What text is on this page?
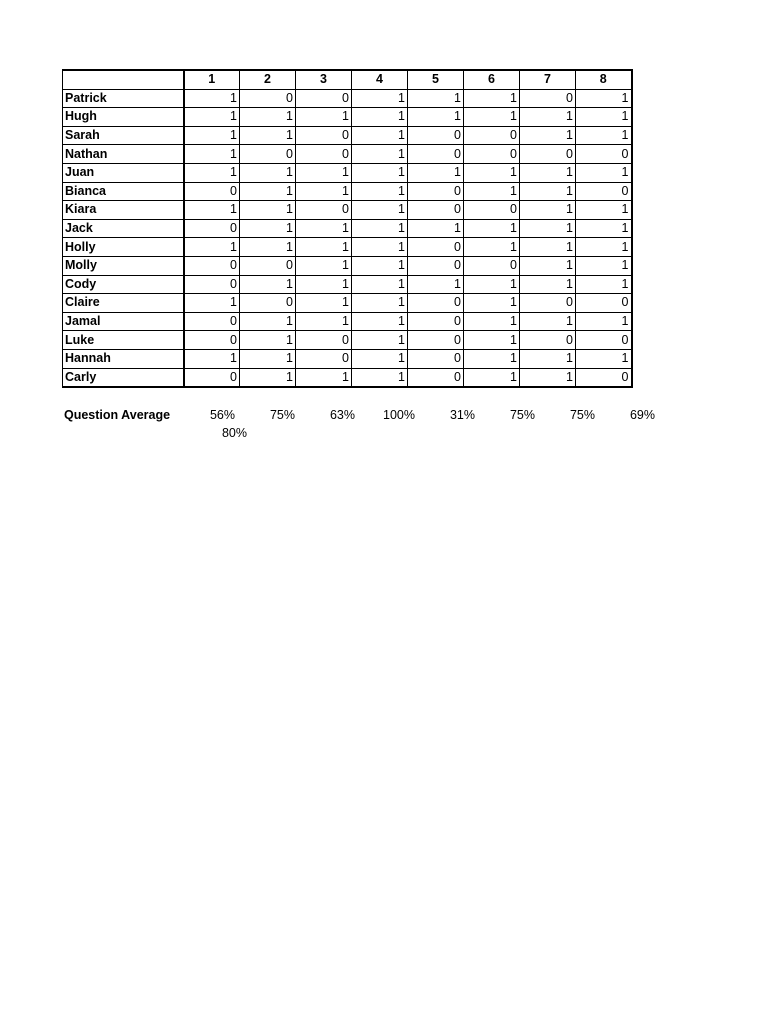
	1	2	3	4	5	6	7	8
Patrick	1	0	0	1	1	1	0	1
Hugh	1	1	1	1	1	1	1	1
Sarah	1	1	0	1	0	0	1	1
Nathan	1	0	0	1	0	0	0	0
Juan	1	1	1	1	1	1	1	1
Bianca	0	1	1	1	0	1	1	0
Kiara	1	1	0	1	0	0	1	1
Jack	0	1	1	1	1	1	1	1
Holly	1	1	1	1	0	1	1	1
Molly	0	0	1	1	0	0	1	1
Cody	0	1	1	1	1	1	1	1
Claire	1	0	1	1	0	1	0	0
Jamal	0	1	1	1	0	1	1	1
Luke	0	1	0	1	0	1	0	0
Hannah	1	1	0	1	0	1	1	1
Carly	0	1	1	1	0	1	1	0
Question Average	56%	75%	63%	100%	31%	75%	75%	69%
80%
